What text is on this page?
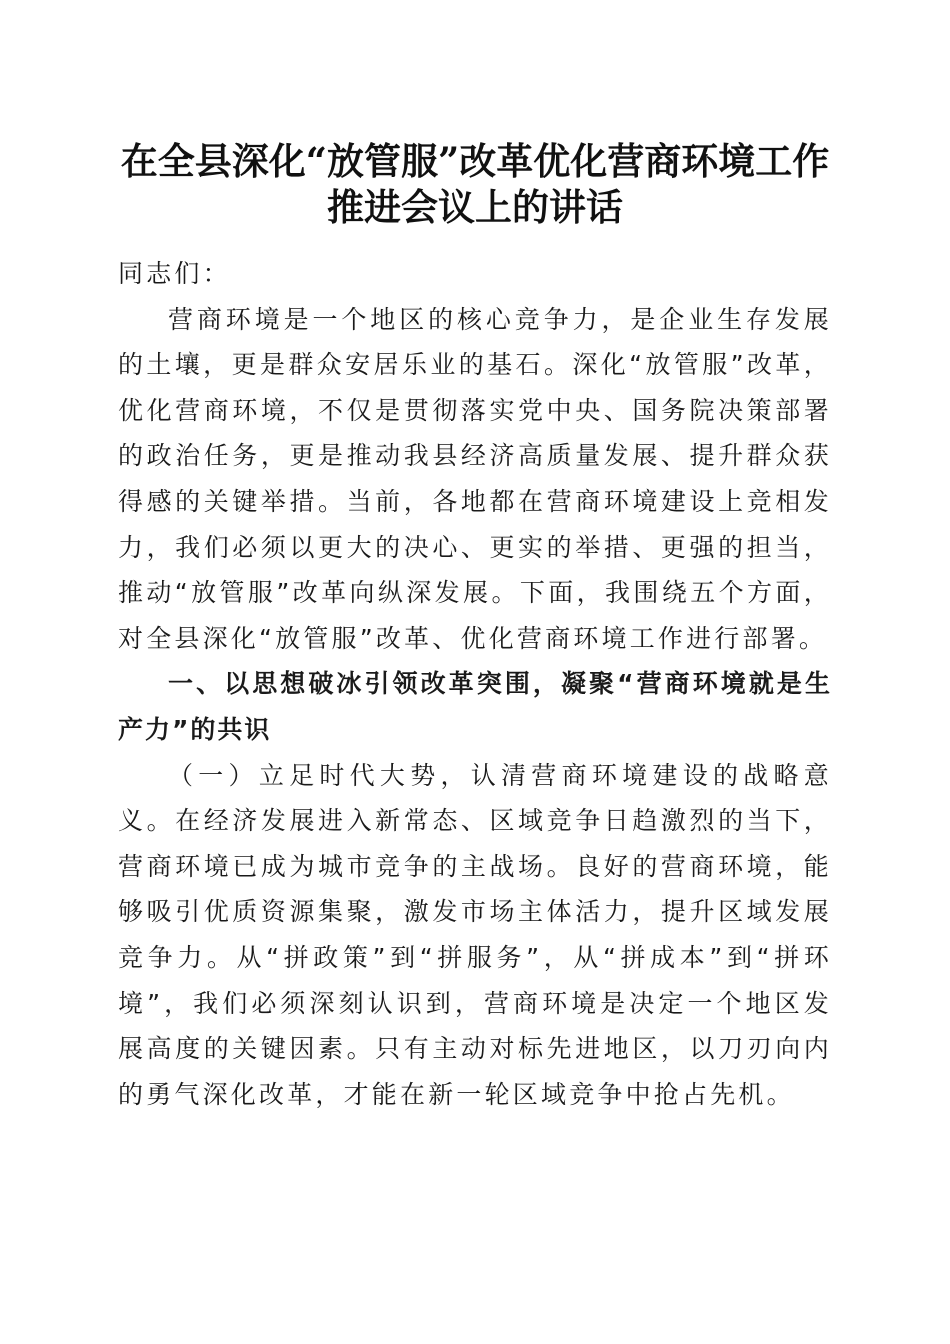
在全县深化“放管服”改革优化营商环境工作
推进会议上的讲话

同志们：

营商环境是一个地区的核心竞争力，是企业生存发展的土壤，更是群众安居乐业的基石。深化“放管服”改革，优化营商环境，不仅是贯彻落实党中央、国务院决策部署的政治任务，更是推动我县经济高质量发展、提升群众获得感的关键举措。当前，各地都在营商环境建设上竞相发力，我们必须以更大的决心、更实的举措、更强的担当，推动“放管服”改革向纵深发展。下面，我围绕五个方面，对全县深化“放管服”改革、优化营商环境工作进行部署。

一、以思想破冰引领改革突围，凝聚“营商环境就是生产力”的共识

（一）立足时代大势，认清营商环境建设的战略意义。在经济发展进入新常态、区域竞争日趋激烈的当下，营商环境已成为城市竞争的主战场。良好的营商环境，能够吸引优质资源集聚，激发市场主体活力，提升区域发展竞争力。从“拼政策”到“拼服务”，从“拼成本”到“拼环境”，我们必须深刻认识到，营商环境是决定一个地区发展高度的关键因素。只有主动对标先进地区，以刀刃向内的勇气深化改革，才能在新一轮区域竞争中抢占先机。
